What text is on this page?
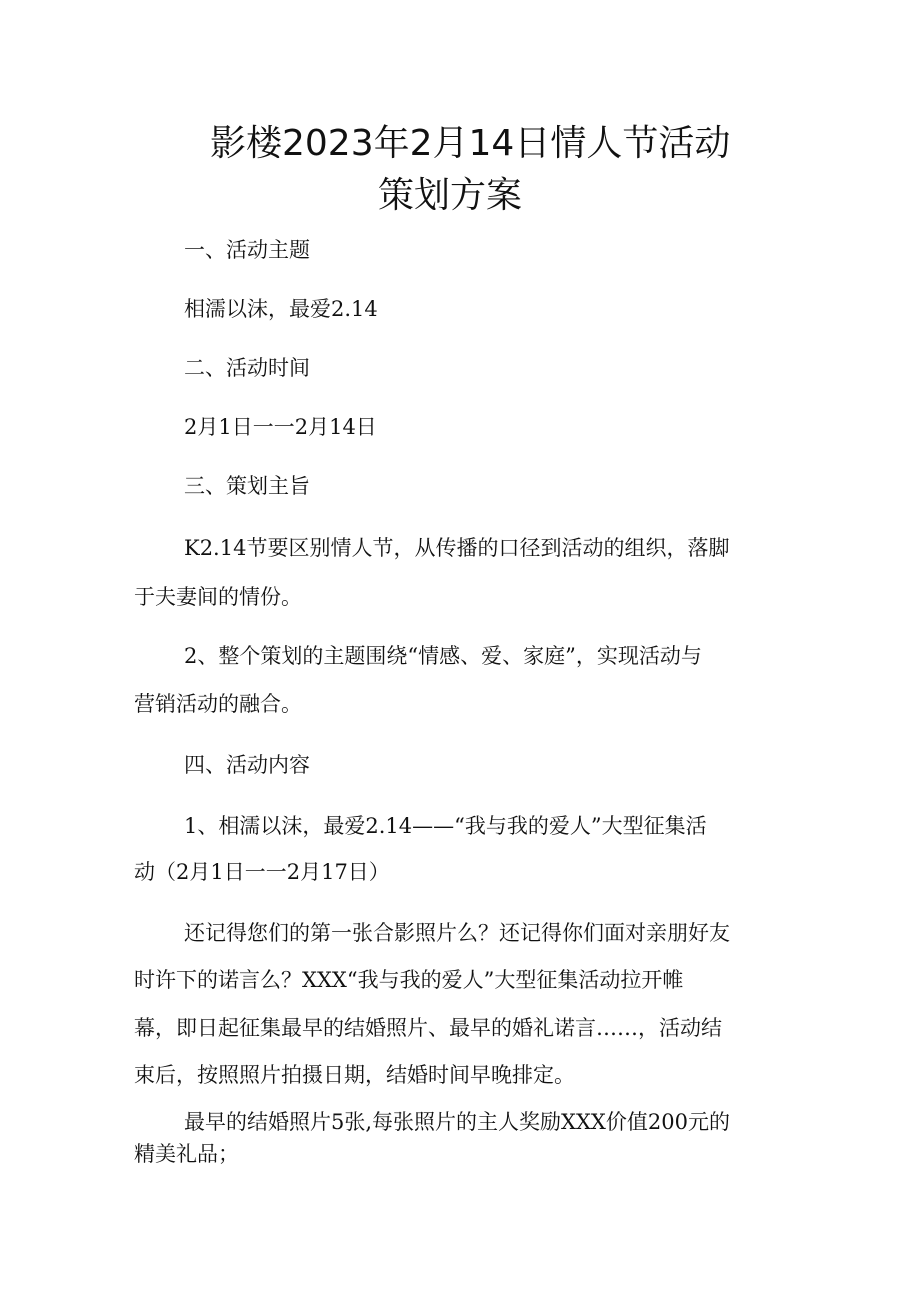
影楼2023年2月14日情人节活动
策划方案
一、活动主题
相濡以沫，最爱2.14
二、活动时间
2月1日一一2月14日
三、策划主旨
K2.14节要区别情人节，从传播的口径到活动的组织，落脚
于夫妻间的情份。
2、整个策划的主题围绕“情感、爱、家庭”，实现活动与
营销活动的融合。
四、活动内容
1、相濡以沫，最爱2.14——“我与我的爱人”大型征集活
动（2月1日一一2月17日）
还记得您们的第一张合影照片么？还记得你们面对亲朋好友
时许下的诺言么？XXX“我与我的爱人”大型征集活动拉开帷
幕，即日起征集最早的结婚照片、最早的婚礼诺言……，活动结
束后，按照照片拍摄日期，结婚时间早晚排定。
最早的结婚照片5张,每张照片的主人奖励XXX价值200元的
精美礼品；
